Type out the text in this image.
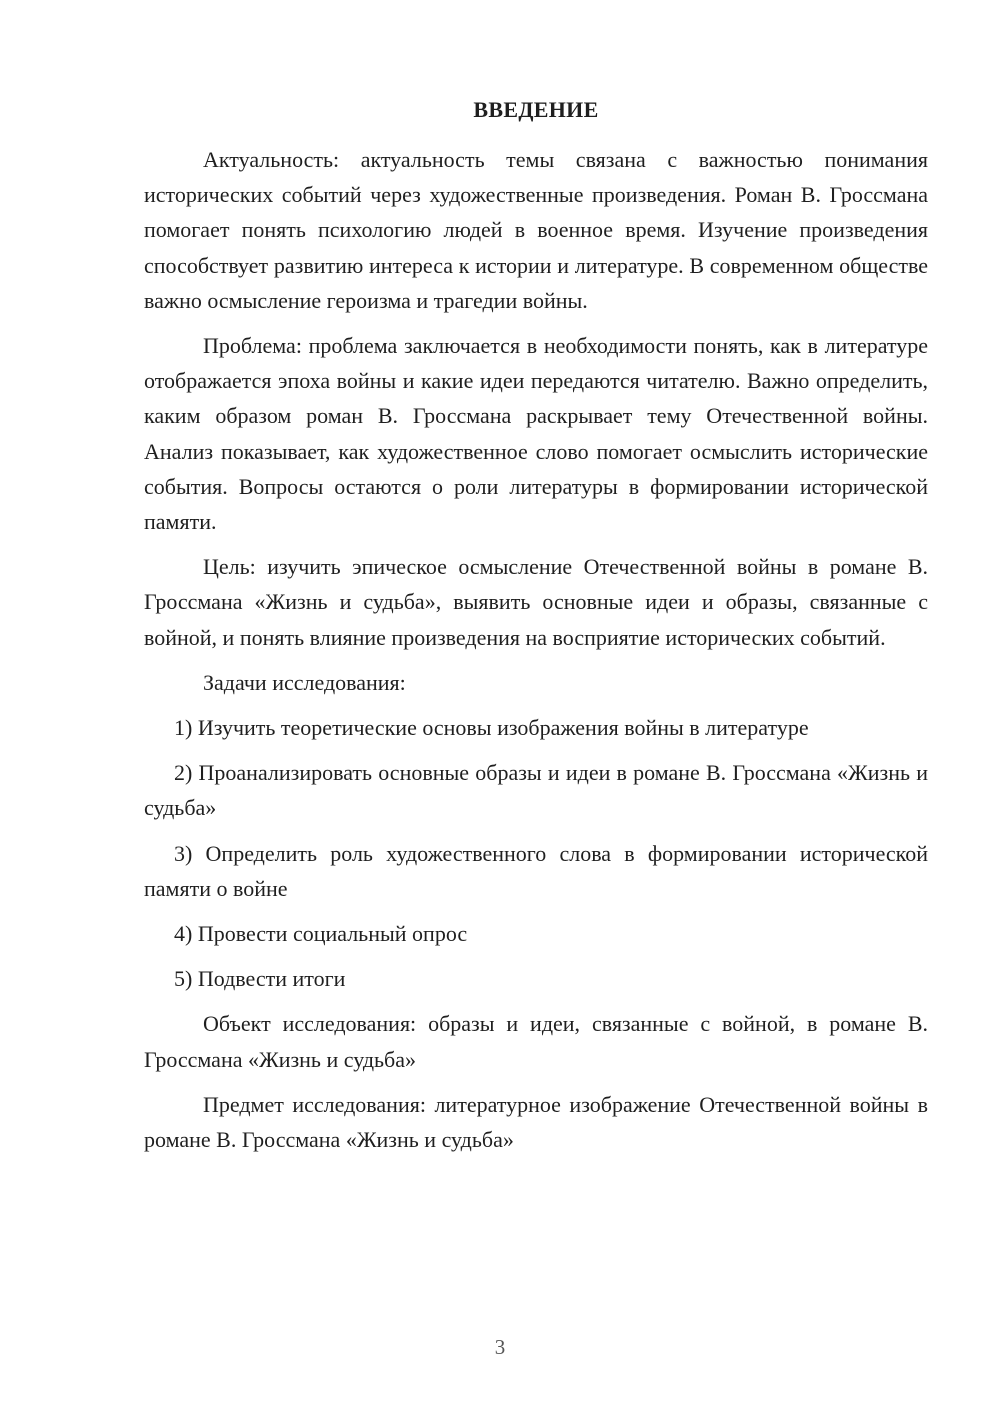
ВВЕДЕНИЕ

Актуальность: актуальность темы связана с важностью понимания исторических событий через художественные произведения. Роман В. Гроссмана помогает понять психологию людей в военное время. Изучение произведения способствует развитию интереса к истории и литературе. В современном обществе важно осмысление героизма и трагедии войны.

Проблема: проблема заключается в необходимости понять, как в литературе отображается эпоха войны и какие идеи передаются читателю. Важно определить, каким образом роман В. Гроссмана раскрывает тему Отечественной войны. Анализ показывает, как художественное слово помогает осмыслить исторические события. Вопросы остаются о роли литературы в формировании исторической памяти.

Цель: изучить эпическое осмысление Отечественной войны в романе В. Гроссмана «Жизнь и судьба», выявить основные идеи и образы, связанные с войной, и понять влияние произведения на восприятие исторических событий.

Задачи исследования:

1) Изучить теоретические основы изображения войны в литературе

2) Проанализировать основные образы и идеи в романе В. Гроссмана «Жизнь и судьба»

3) Определить роль художественного слова в формировании исторической памяти о войне

4) Провести социальный опрос

5) Подвести итоги

Объект исследования: образы и идеи, связанные с войной, в романе В. Гроссмана «Жизнь и судьба»

Предмет исследования: литературное изображение Отечественной войны в романе В. Гроссмана «Жизнь и судьба»

3
